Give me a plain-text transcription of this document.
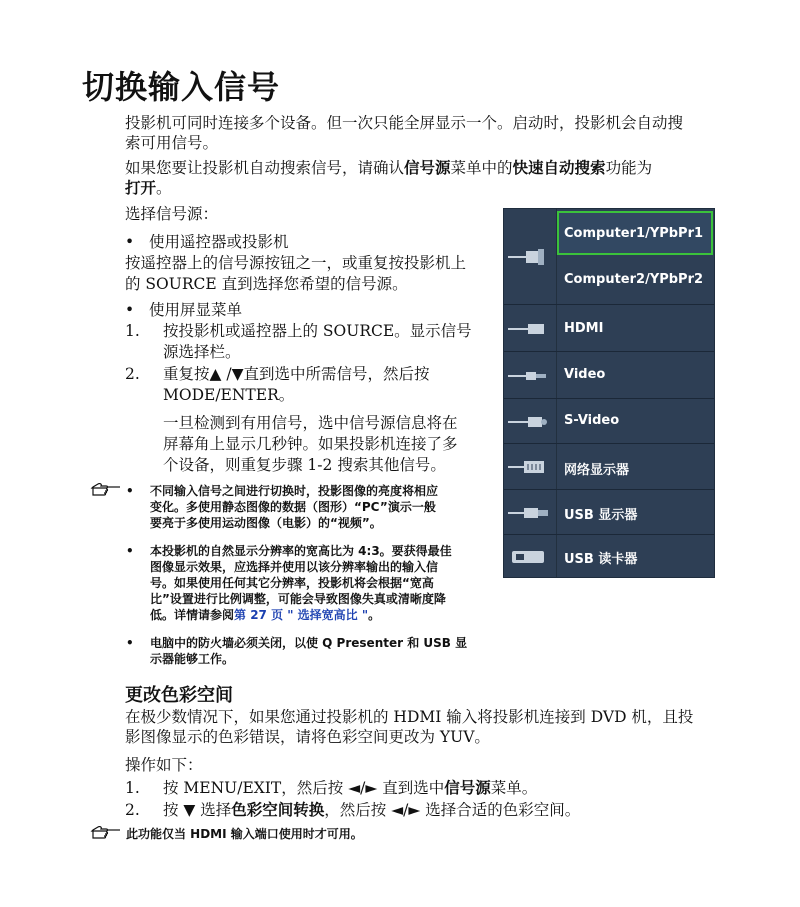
切换输入信号
投影机可同时连接多个设备。但一次只能全屏显示一个。启动时，投影机会自动搜
索可用信号。
如果您要让投影机自动搜索信号，请确认信号源菜单中的快速自动搜索功能为
打开。
选择信号源：
• 使用遥控器或投影机
按遥控器上的信号源按钮之一，或重复按投影机上
的 SOURCE 直到选择您希望的信号源。
• 使用屏显菜单
1. 按投影机或遥控器上的 SOURCE。显示信号
源选择栏。
2. 重复按▲ /▼直到选中所需信号，然后按
MODE/ENTER。
一旦检测到有用信号，选中信号源信息将在
屏幕角上显示几秒钟。如果投影机连接了多
个设备，则重复步骤 1-2 搜索其他信号。
• 不同输入信号之间进行切换时，投影图像的亮度将相应
变化。多使用静态图像的数据（图形）“PC”演示一般
要亮于多使用运动图像（电影）的“视频”。
• 本投影机的自然显示分辨率的宽高比为 4:3。要获得最佳
图像显示效果，应选择并使用以该分辨率输出的输入信
号。如果使用任何其它分辨率，投影机将会根据“宽高
比”设置进行比例调整，可能会导致图像失真或清晰度降
低。详情请参阅第 27 页 " 选择宽高比 "。
• 电脑中的防火墙必须关闭，以使 Q Presenter 和 USB 显
示器能够工作。
Computer1/YPbPr1
Computer2/YPbPr2
HDMI
Video
S-Video
网络显示器
USB 显示器
USB 读卡器
更改色彩空间
在极少数情况下，如果您通过投影机的 HDMI 输入将投影机连接到 DVD 机，且投
影图像显示的色彩错误，请将色彩空间更改为 YUV。
操作如下：
1. 按 MENU/EXIT，然后按 ◄/► 直到选中信号源菜单。
2. 按 ▼ 选择色彩空间转换，然后按 ◄/► 选择合适的色彩空间。
此功能仅当 HDMI 输入端口使用时才可用。
